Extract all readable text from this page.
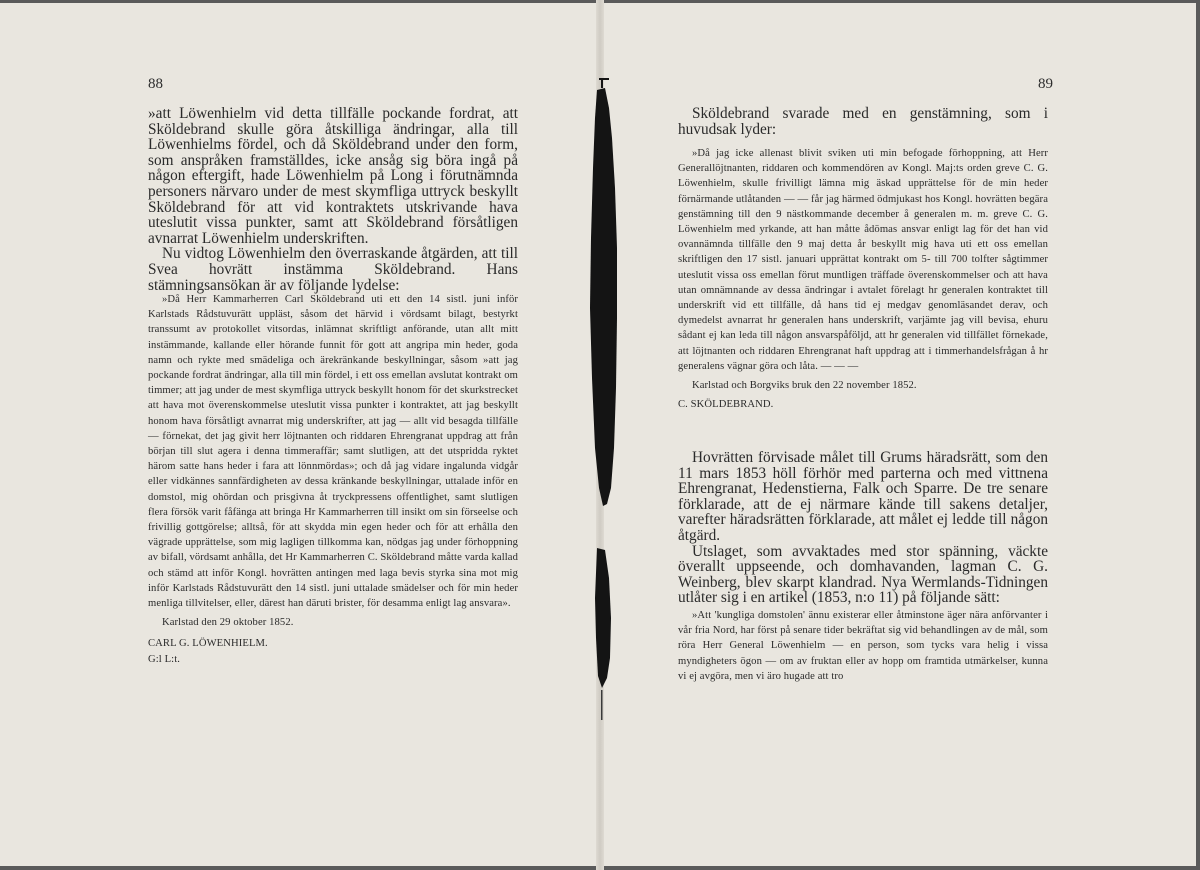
88

»att Löwenhielm vid detta tillfälle pockande fordrat, att Sköldebrand skulle göra åtskilliga ändringar, alla till Löwenhielms fördel, och då Sköldebrand under den form, som anspråken framställdes, icke ansåg sig böra ingå på någon eftergift, hade Löwenhielm på Long i förutnämnda personers närvaro under de mest skymfliga uttryck beskyllt Sköldebrand för att vid kontraktets utskrivande hava uteslutit vissa punkter, samt att Sköldebrand försåtligen avnarrat Löwenhielm underskriften.

Nu vidtog Löwenhielm den överraskande åtgärden, att till Svea hovrätt instämma Sköldebrand. Hans stämningsansökan är av följande lydelse:

»Då Herr Kammarherren Carl Sköldebrand uti ett den 14 sistl. juni inför Karlstads Rådstuvurätt uppläst, såsom det härvid i vördsamt bilagt, bestyrkt transsumt av protokollet vitsordas, inlämnat skriftligt anförande, utan allt mitt instämmande, kallande eller hörande funnit för gott att angripa min heder, goda namn och rykte med smädeliga och ärekränkande beskyllningar, såsom »att jag pockande fordrat ändringar, alla till min fördel, i ett oss emellan avslutat kontrakt om timmer; att jag under de mest skymfliga uttryck beskyllt honom för det skurkstrecket att hava mot överenskommelse uteslutit vissa punkter i kontraktet, att jag beskyllt honom hava försåtligt avnarrat mig underskrifter, att jag — allt vid besagda tillfälle — förnekat, det jag givit herr löjtnanten och riddaren Ehrengranat uppdrag att från början till slut agera i denna timmeraffär; samt slutligen, att det utspridda ryktet härom satte hans heder i fara att lönnmördas»; och då jag vidare ingalunda vidgår eller vidkännes sannfärdigheten av dessa kränkande beskyllningar, uttalade inför en domstol, mig ohördan och prisgivna åt tryckpressens offentlighet, samt slutligen flera försök varit fåfänga att bringa Hr Kammarherren till insikt om sin förseelse och frivillig gottgörelse; alltså, för att skydda min egen heder och för att erhålla den vägrade upprättelse, som mig lagligen tillkomma kan, nödgas jag under förhoppning av bifall, vördsamt anhålla, det Hr Kammarherren C. Sköldebrand måtte varda kallad och stämd att inför Kongl. hovrätten antingen med laga bevis styrka sina mot mig inför Karlstads Rådstuvurätt den 14 sistl. juni uttalade smädelser och för min heder menliga tillvitelser, eller, därest han däruti brister, för desamma enligt lag ansvara».

Karlstad den 29 oktober 1852.

CARL G. LÖWENHIELM.

G:l L:t.

89

Sköldebrand svarade med en genstämning, som i huvudsak lyder:

»Då jag icke allenast blivit sviken uti min befogade förhoppning, att Herr Generallöjtnanten, riddaren och kommendören av Kongl. Maj:ts orden greve C. G. Löwenhielm, skulle frivilligt lämna mig äskad upprättelse för de min heder förnärmande utlåtanden — — får jag härmed ödmjukast hos Kongl. hovrätten begära genstämning till den 9 nästkommande december å generalen m. m. greve C. G. Löwenhielm med yrkande, att han måtte ådömas ansvar enligt lag för det han vid ovannämnda tillfälle den 9 maj detta år beskyllt mig hava uti ett oss emellan skriftligen den 17 sistl. januari upprättat kontrakt om 5- till 700 tolfter sågtimmer uteslutit vissa oss emellan förut muntligen träffade överenskommelser och att hava utan omnämnande av dessa ändringar i avtalet förelagt hr generalen kontraktet till underskrift vid ett tillfälle, då hans tid ej medgav genomläsandet derav, och dymedelst avnarrat hr generalen hans underskrift, varjämte jag vill bevisa, ehuru sådant ej kan leda till någon ansvarspåföljd, att hr generalen vid tillfället förnekade, att löjtnanten och riddaren Ehrengranat haft uppdrag att i timmerhandelsfrågan å hr generalens vägnar göra och låta. — — —

Karlstad och Borgviks bruk den 22 november 1852.

C. SKÖLDEBRAND.

Hovrätten förvisade målet till Grums häradsrätt, som den 11 mars 1853 höll förhör med parterna och med vittnena Ehrengranat, Hedenstierna, Falk och Sparre. De tre senare förklarade, att de ej närmare kände till sakens detaljer, varefter häradsrätten förklarade, att målet ej ledde till någon åtgärd.

Utslaget, som avvaktades med stor spänning, väckte överallt uppseende, och domhavanden, lagman C. G. Weinberg, blev skarpt klandrad. Nya Wermlands-Tidningen utlåter sig i en artikel (1853, n:o 11) på följande sätt:

»Att 'kungliga domstolen' ännu existerar eller åtminstone äger nära anförvanter i vår fria Nord, har först på senare tider bekräftat sig vid behandlingen av de mål, som röra Herr General Löwenhielm — en person, som tycks vara helig i vissa myndigheters ögon — om av fruktan eller av hopp om framtida utmärkelser, kunna vi ej avgöra, men vi äro hugade att tro
